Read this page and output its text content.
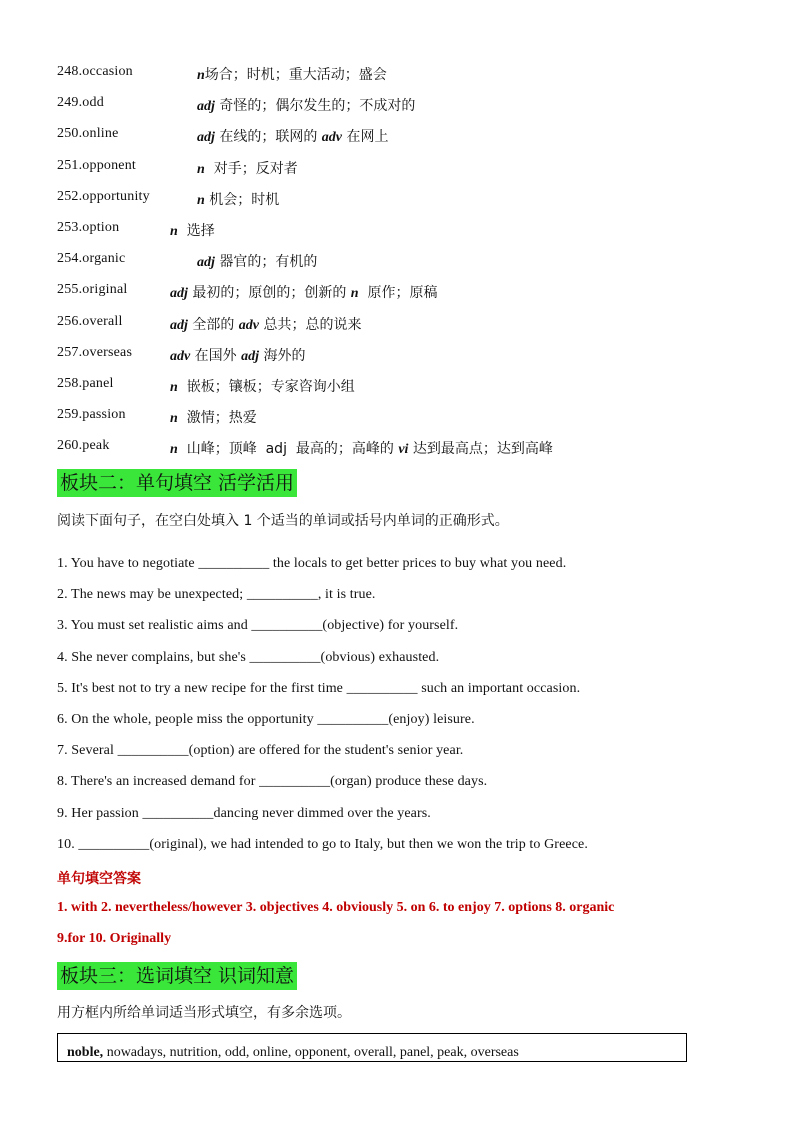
248.occasion	n场合；时机；重大活动；盛会
249.odd	adj 奇怪的；偶尔发生的；不成对的
250.online	adj 在线的；联网的 adv 在网上
251.opponent	n  对手；反对者
252.opportunity	n 机会；时机
253.option	n  选择
254.organic	adj 器官的；有机的
255.original	adj 最初的；原创的；创新的 n  原作；原稿
256.overall	adj 全部的 adv 总共；总的说来
257.overseas	adv 在国外 adj 海外的
258.panel	n  嵌板；镶板；专家咨询小组
259.passion	n  激情；热爱
260.peak	n  山峰；顶峰  adj  最高的；高峰的 vi 达到最高点；达到高峰
板块二：单句填空 活学活用
阅读下面句子，在空白处填入 1 个适当的单词或括号内单词的正确形式。
1. You have to negotiate __________ the locals to get better prices to buy what you need.
2. The news may be unexpected; __________, it is true.
3. You must set realistic aims and __________(objective) for yourself.
4. She never complains, but she's __________(obvious) exhausted.
5. It's best not to try a new recipe for the first time __________ such an important occasion.
6. On the whole, people miss the opportunity __________(enjoy) leisure.
7. Several __________(option) are offered for the student's senior year.
8. There's an increased demand for __________(organ) produce these days.
9. Her passion __________dancing never dimmed over the years.
10. __________(original), we had intended to go to Italy, but then we won the trip to Greece.
单句填空答案
1. with 2. nevertheless/however 3. objectives 4. obviously 5. on 6. to enjoy 7. options 8. organic
9.for 10. Originally
板块三：选词填空 识词知意
用方框内所给单词适当形式填空，有多余选项。
noble, nowadays, nutrition, odd, online, opponent, overall, panel, peak, overseas
